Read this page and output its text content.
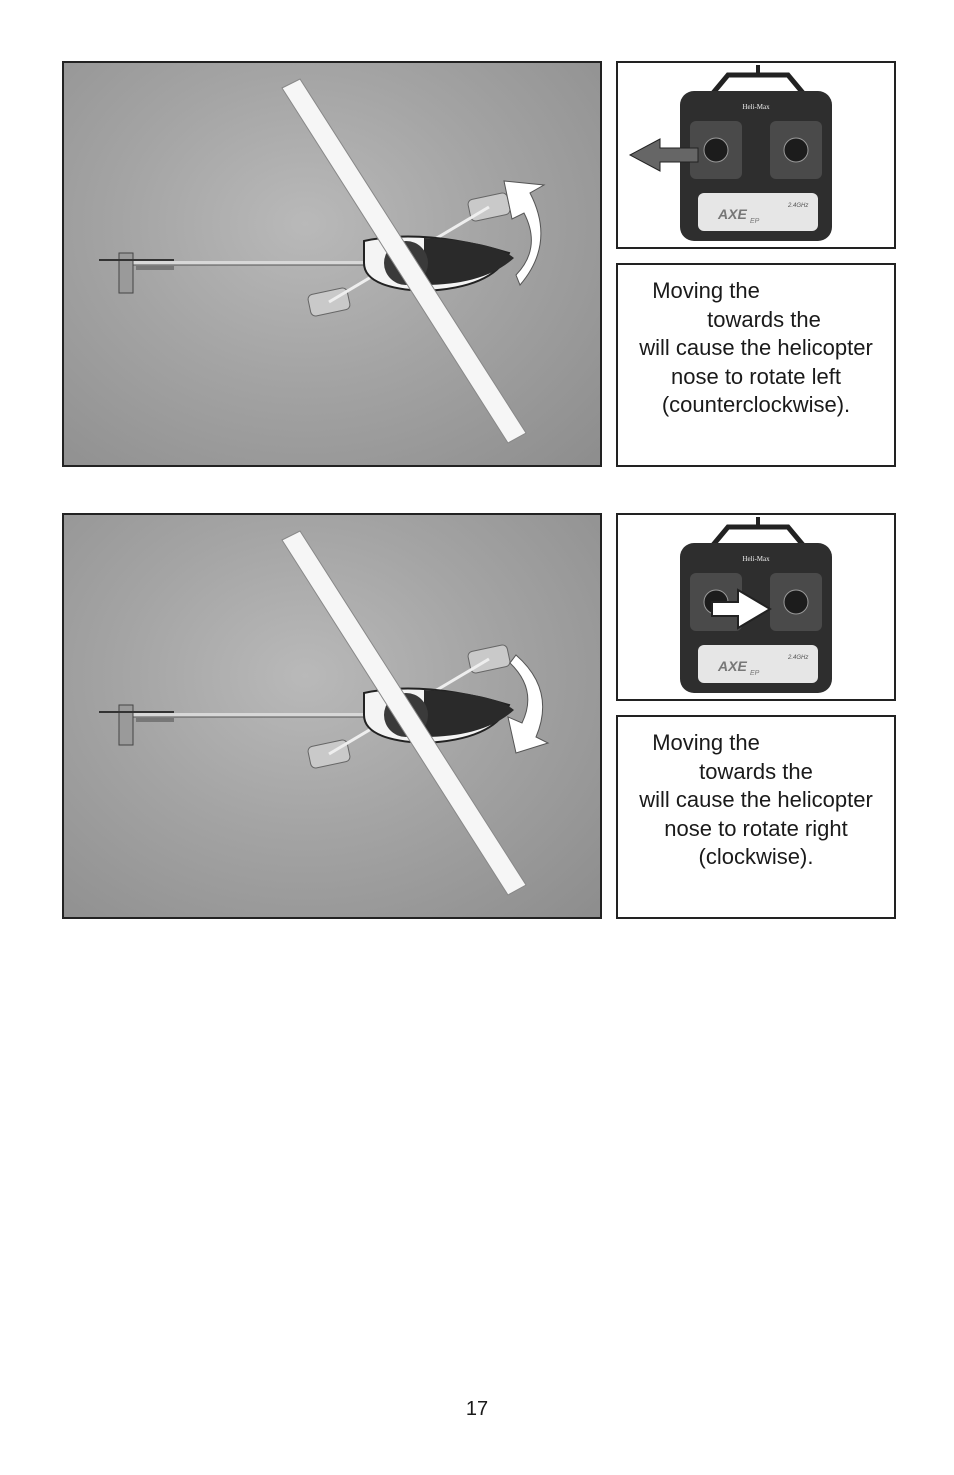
Heli-Max
AXE EP
2.4GHz
Moving the
towards the
will cause the helicopter
nose to rotate left
(counterclockwise).
Heli-Max
AXE EP
2.4GHz
Moving the
towards the
will cause the helicopter
nose to rotate right
(clockwise).
17
